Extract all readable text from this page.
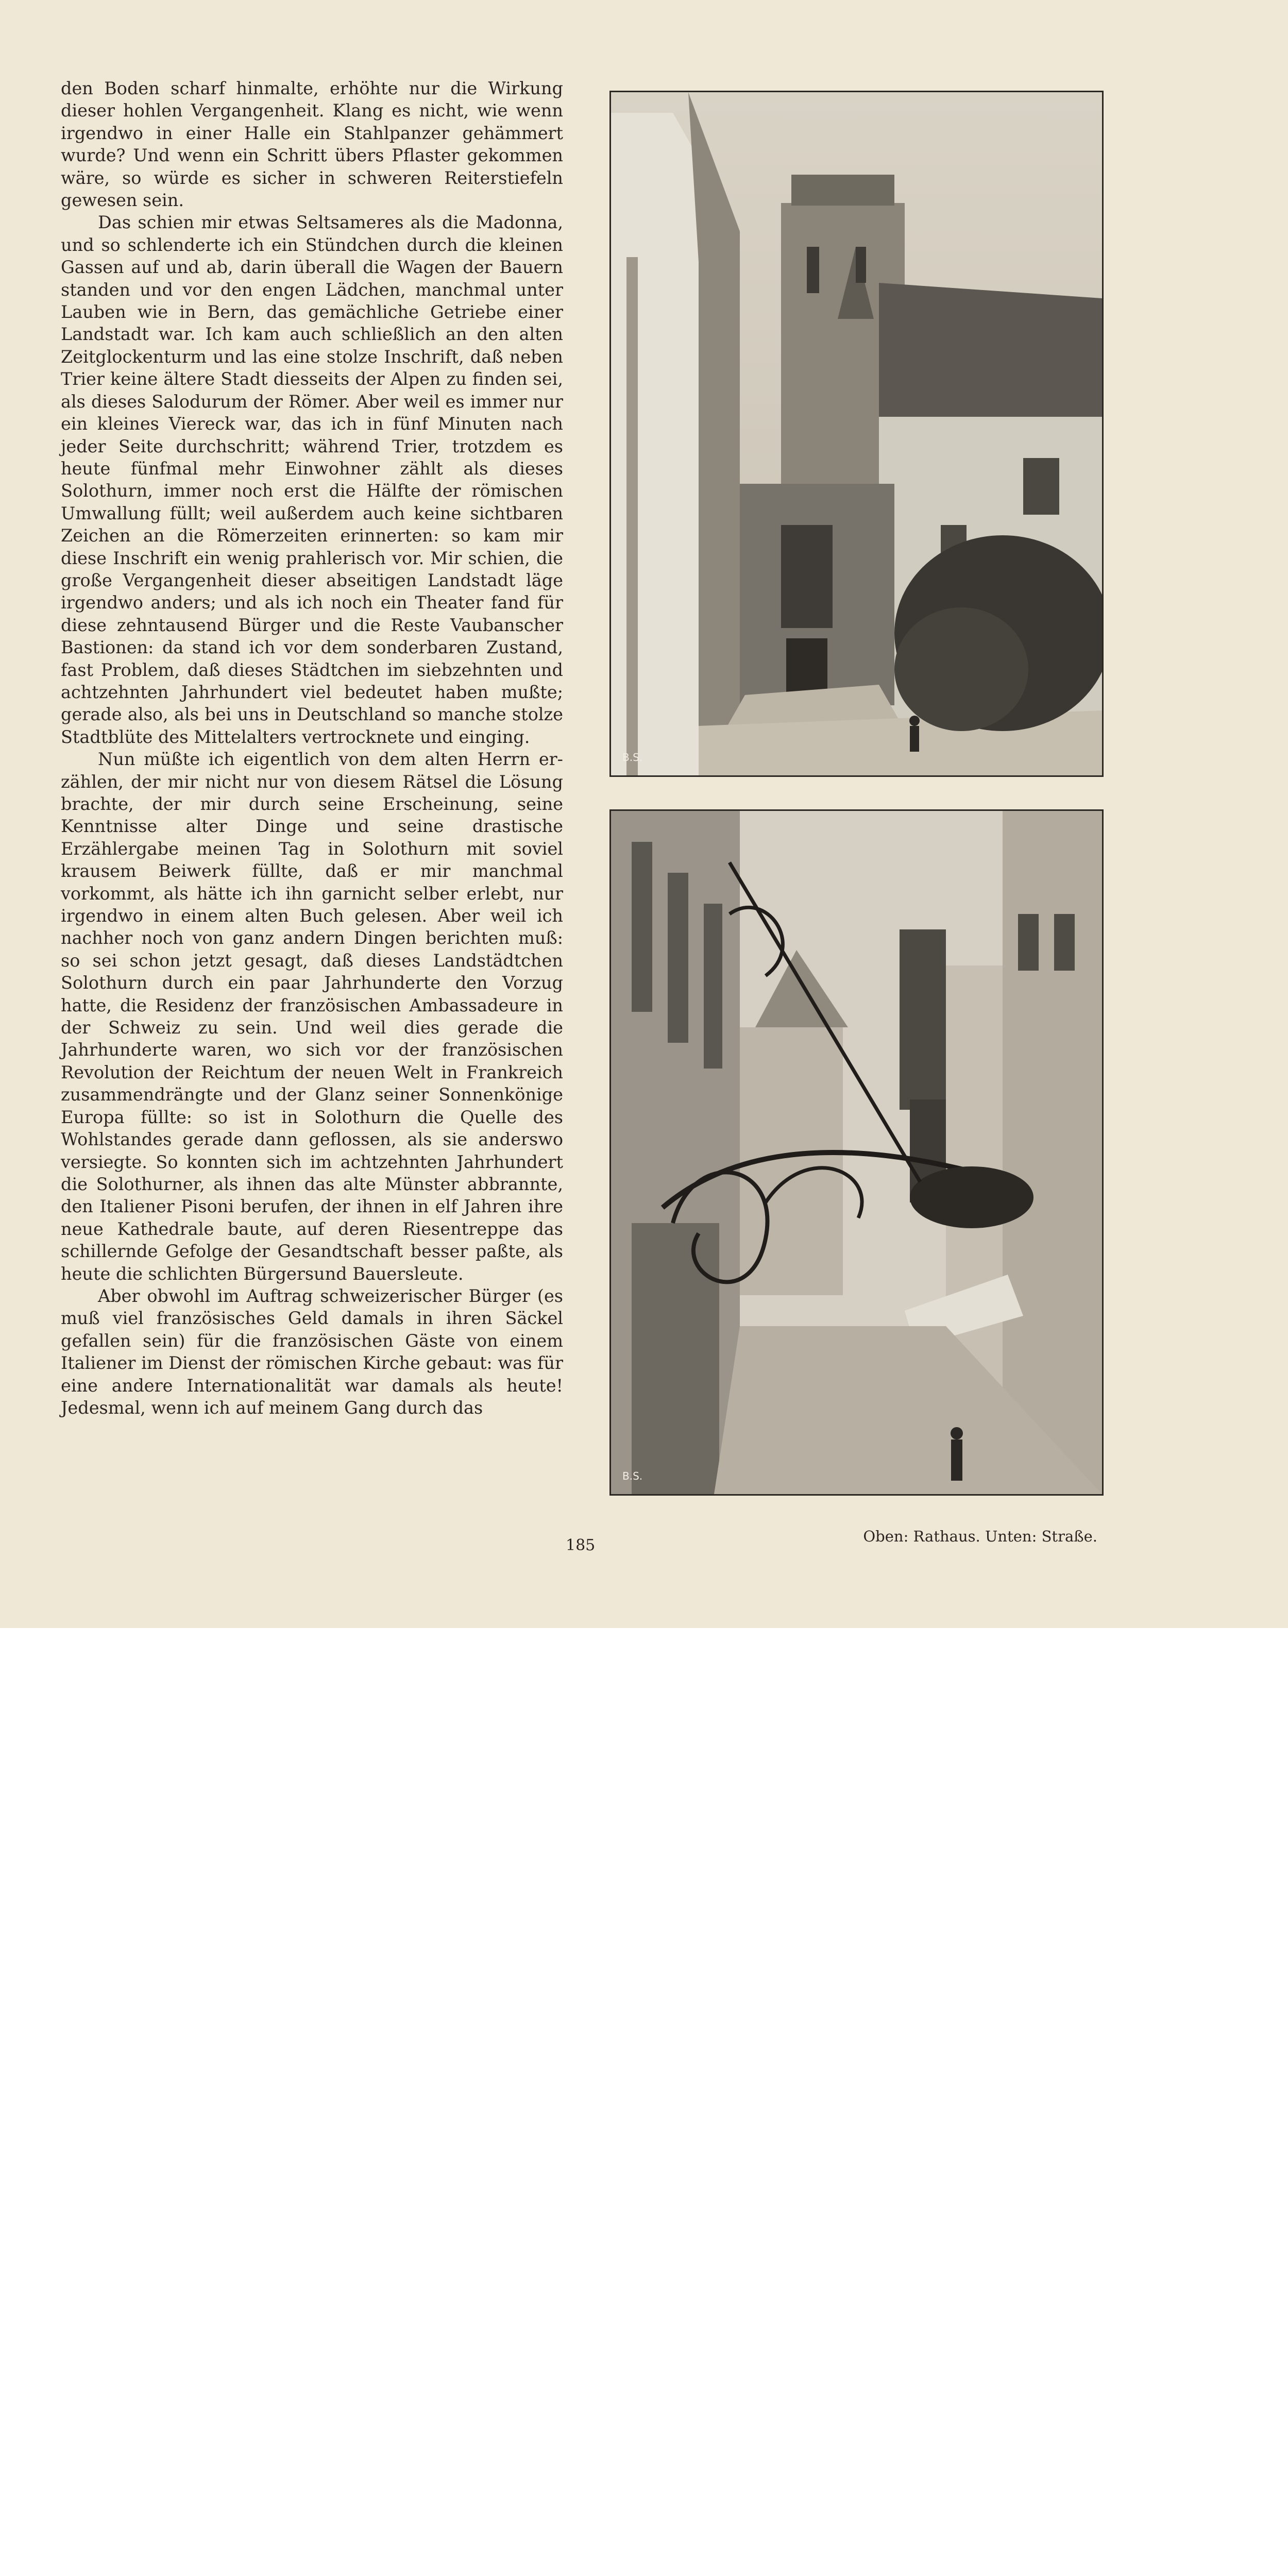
den Boden scharf hinmalte, erhöhte nur die Wirkung dieser hohlen Vergangenheit. Klang es nicht, wie wenn irgendwo in einer Halle ein Stahlpanzer gehämmert wurde? Und wenn ein Schritt übers Pflaster gekommen wäre, so würde es sicher in schweren Reiterstiefeln gewesen sein.

Das schien mir etwas Seltsameres als die Madonna, und so schlenderte ich ein Stündchen durch die kleinen Gassen auf und ab, darin überall die Wagen der Bauern standen und vor den engen Lädchen, manchmal unter Lauben wie in Bern, das gemächliche Getriebe einer Landstadt war. Ich kam auch schließlich an den alten Zeitglockenturm und las eine stolze Inschrift, daß neben Trier keine ältere Stadt diesseits der Alpen zu finden sei, als dieses Salodurum der Römer. Aber weil es immer nur ein kleines Viereck war, das ich in fünf Minuten nach jeder Seite durchschritt; während Trier, trotzdem es heute fünfmal mehr Einwohner zählt als dieses Solothurn, immer noch erst die Hälfte der römischen Umwallung füllt; weil außerdem auch keine sichtbaren Zeichen an die Römerzeiten erinnerten: so kam mir diese Inschrift ein wenig prahlerisch vor. Mir schien, die große Vergangenheit dieser abseitigen Landstadt läge irgendwo anders; und als ich noch ein Theater fand für diese zehntausend Bürger und die Reste Vaubanscher Bastionen: da stand ich vor dem sonderbaren Zustand, fast Problem, daß dieses Städtchen im siebzehnten und achtzehnten Jahrhundert viel bedeutet haben mußte; gerade also, als bei uns in Deutschland so manche stolze Stadtblüte des Mittelalters vertrocknete und einging.

Nun müßte ich eigentlich von dem alten Herrn erzählen, der mir nicht nur von diesem Rätsel die Lösung brachte, der mir durch seine Erscheinung, seine Kenntnisse alter Dinge und seine drastische Erzählergabe meinen Tag in Solothurn mit soviel krausem Beiwerk füllte, daß er mir manchmal vorkommt, als hätte ich ihn garnicht selber erlebt, nur irgendwo in einem alten Buch gelesen. Aber weil ich nachher noch von ganz andern Dingen berichten muß: so sei schon jetzt gesagt, daß dieses Landstädtchen Solothurn durch ein paar Jahrhunderte den Vorzug hatte, die Residenz der französischen Ambassadeure in der Schweiz zu sein. Und weil dies gerade die Jahrhunderte waren, wo sich vor der französischen Revolution der Reichtum der neuen Welt in Frankreich zusammendrängte und der Glanz seiner Sonnenkönige Europa füllte: so ist in Solothurn die Quelle des Wohlstandes gerade dann geflossen, als sie anderswo versiegte. So konnten sich im achtzehnten Jahrhundert die Solothurner, als ihnen das alte Münster abbrannte, den Italiener Pisoni berufen, der ihnen in elf Jahren ihre neue Kathedrale baute, auf deren Riesentreppe das schillernde Gefolge der Gesandtschaft besser paßte, als heute die schlichten Bürgersund Bauersleute.

Aber obwohl im Auftrag schweizerischer Bürger (es muß viel französisches Geld damals in ihren Säckel gefallen sein) für die französischen Gäste von einem Italiener im Dienst der römischen Kirche gebaut: was für eine andere Internationalität war damals als heute! Jedesmal, wenn ich auf meinem Gang durch das

B.S.
B.S.
Oben: Rathaus. Unten: Straße.
185
